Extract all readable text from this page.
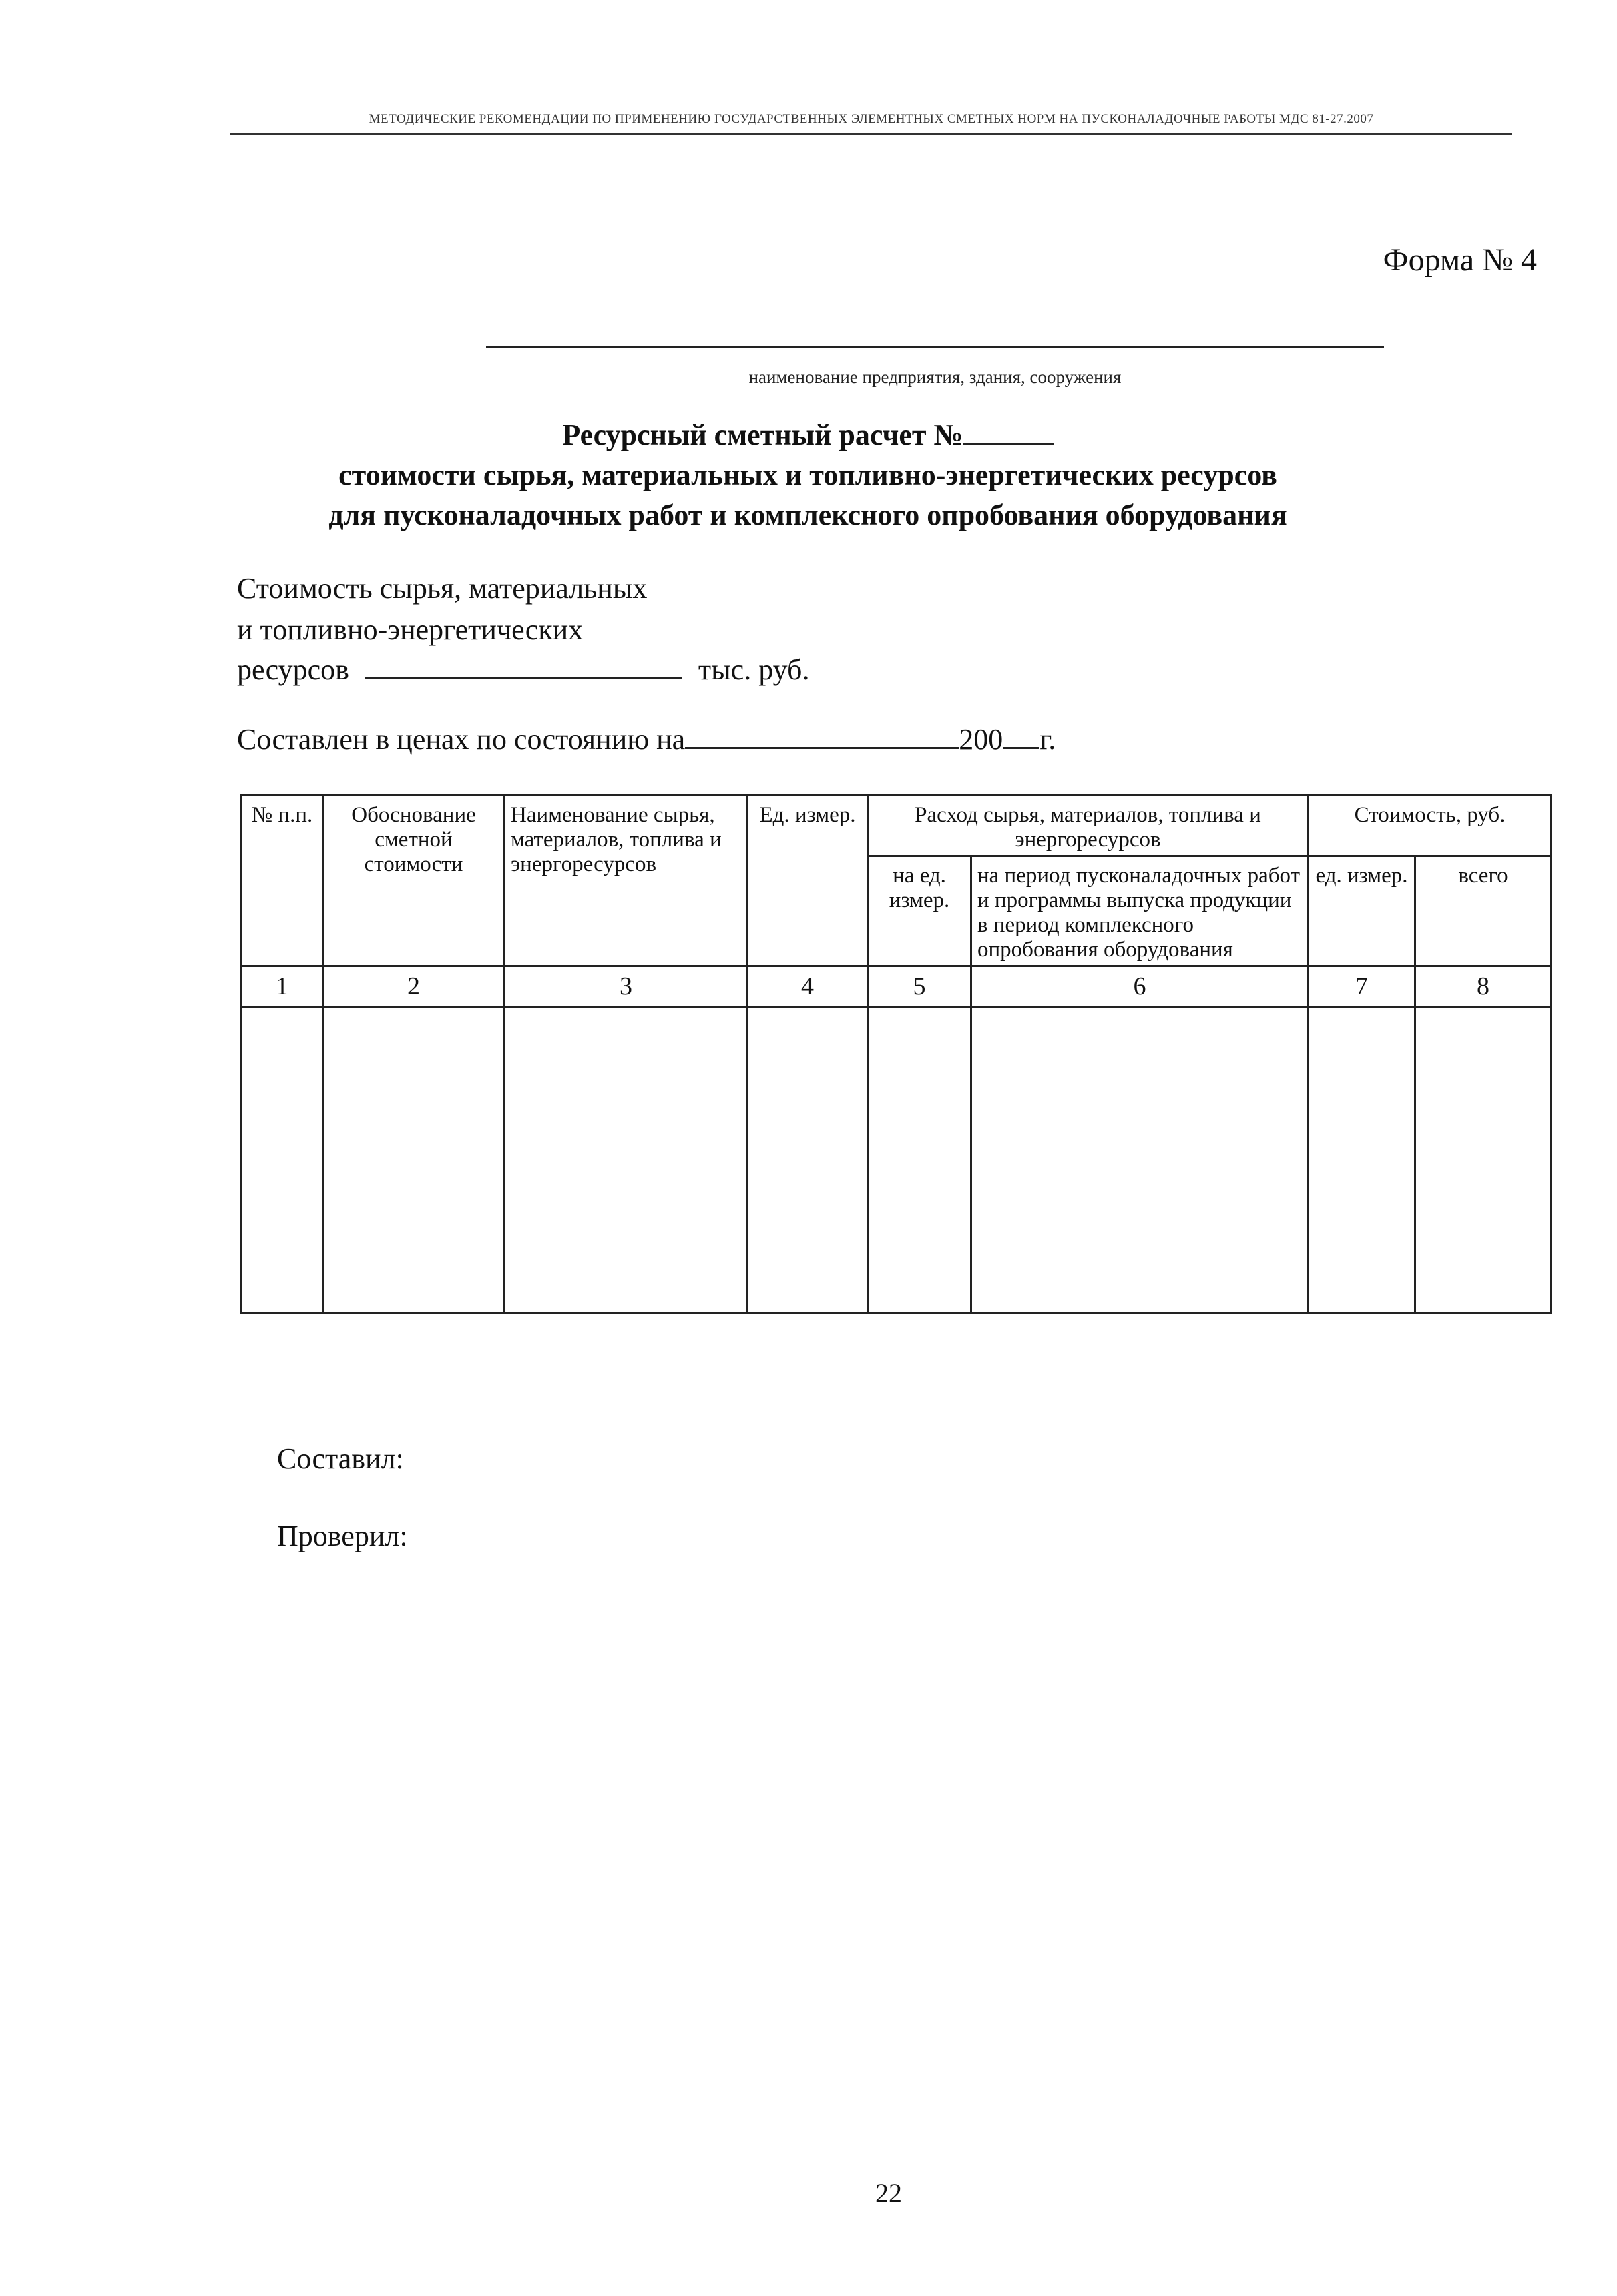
МЕТОДИЧЕСКИЕ РЕКОМЕНДАЦИИ ПО ПРИМЕНЕНИЮ ГОСУДАРСТВЕННЫХ ЭЛЕМЕНТНЫХ СМЕТНЫХ НОРМ НА ПУСКОНАЛАДОЧНЫЕ РАБОТЫ МДС 81-27.2007
Форма № 4
наименование предприятия, здания, сооружения
Ресурсный сметный расчет №
стоимости сырья, материальных и топливно-энергетических ресурсов
для пусконаладочных работ и комплексного опробования оборудования
Стоимость сырья, материальных
и топливно-энергетических
ресурсов	тыс. руб.
Составлен в ценах по состоянию на	200 г.
№ п.п.	Обоснование сметной стоимости	Наименование сырья, материалов, топлива и энергоресурсов	Ед. измер.	Расход сырья, материалов, топлива и энергоресурсов		Стоимость, руб.	
				на ед. измер.	на период пусконаладочных работ и программы выпуска продукции в период комплексного опробования оборудования	ед. измер.	всего
1	2	3	4	5	6	7	8

Составил:
Проверил:
22
